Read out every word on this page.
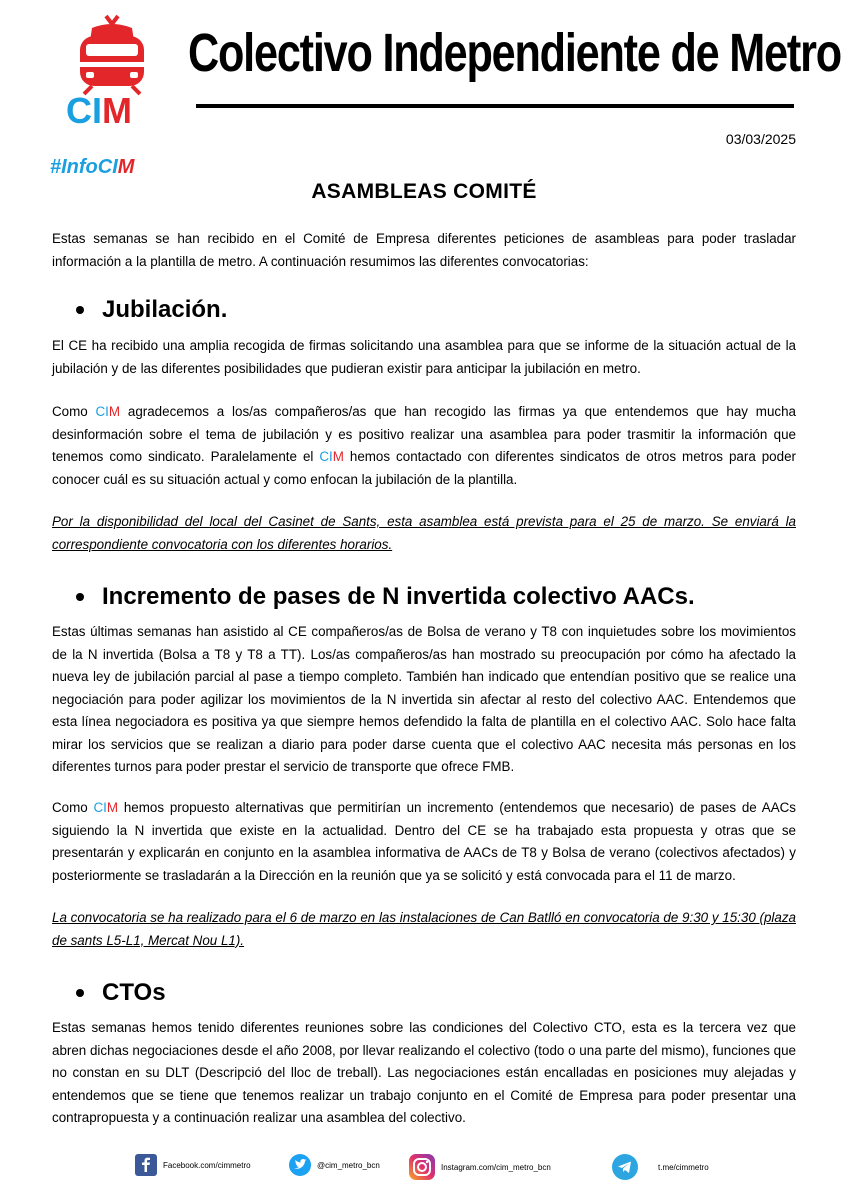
CIM
Colectivo Independiente de Metro
03/03/2025
#InfoCIM
ASAMBLEAS COMITÉ
Estas semanas se han recibido en el Comité de Empresa diferentes peticiones de asambleas para poder trasladar información a la plantilla de metro. A continuación resumimos las diferentes convocatorias:
Jubilación.
El CE ha recibido una amplia recogida de firmas solicitando una asamblea para que se informe de la situación actual de la jubilación y de las diferentes posibilidades que pudieran existir para anticipar la jubilación en metro.
Como CIM agradecemos a los/as compañeros/as que han recogido las firmas ya que entendemos que hay mucha desinformación sobre el tema de jubilación y es positivo realizar una asamblea para poder trasmitir la información que tenemos como sindicato. Paralelamente el CIM hemos contactado con diferentes sindicatos de otros metros para poder conocer cuál es su situación actual y como enfocan la jubilación de la plantilla.
Por la disponibilidad del local del Casinet de Sants, esta asamblea está prevista para el 25 de marzo. Se enviará la correspondiente convocatoria con los diferentes horarios.
Incremento de pases de N invertida colectivo AACs.
Estas últimas semanas han asistido al CE compañeros/as de Bolsa de verano y T8 con inquietudes sobre los movimientos de la N invertida (Bolsa a T8 y T8 a TT). Los/as compañeros/as han mostrado su preocupación por cómo ha afectado la nueva ley de jubilación parcial al pase a tiempo completo. También han indicado que entendían positivo que se realice una negociación para poder agilizar los movimientos de la N invertida sin afectar al resto del colectivo AAC. Entendemos que esta línea negociadora es positiva ya que siempre hemos defendido la falta de plantilla en el colectivo AAC. Solo hace falta mirar los servicios que se realizan a diario para poder darse cuenta que el colectivo AAC necesita más personas en los diferentes turnos para poder prestar el servicio de transporte que ofrece FMB.
Como CIM hemos propuesto alternativas que permitirían un incremento (entendemos que necesario) de pases de AACs siguiendo la N invertida que existe en la actualidad. Dentro del CE se ha trabajado esta propuesta y otras que se presentarán y explicarán en conjunto en la asamblea informativa de AACs de T8 y Bolsa de verano (colectivos afectados) y posteriormente se trasladarán a la Dirección en la reunión que ya se solicitó y está convocada para el 11 de marzo.
La convocatoria se ha realizado para el 6 de marzo en las instalaciones de Can Batlló en convocatoria de 9:30 y 15:30 (plaza de sants L5-L1, Mercat Nou L1).
CTOs
Estas semanas hemos tenido diferentes reuniones sobre las condiciones del Colectivo CTO, esta es la tercera vez que abren dichas negociaciones desde el año 2008, por llevar realizando el colectivo (todo o una parte del mismo), funciones que no constan en su DLT (Descripció del lloc de treball). Las negociaciones están encalladas en posiciones muy alejadas y entendemos que se tiene que tenemos realizar un trabajo conjunto en el Comité de Empresa para poder presentar una contrapropuesta y a continuación realizar una asamblea del colectivo.
Facebook.com/cimmetro	@cim_metro_bcn	Instagram.com/cim_metro_bcn	t.me/cimmetro
